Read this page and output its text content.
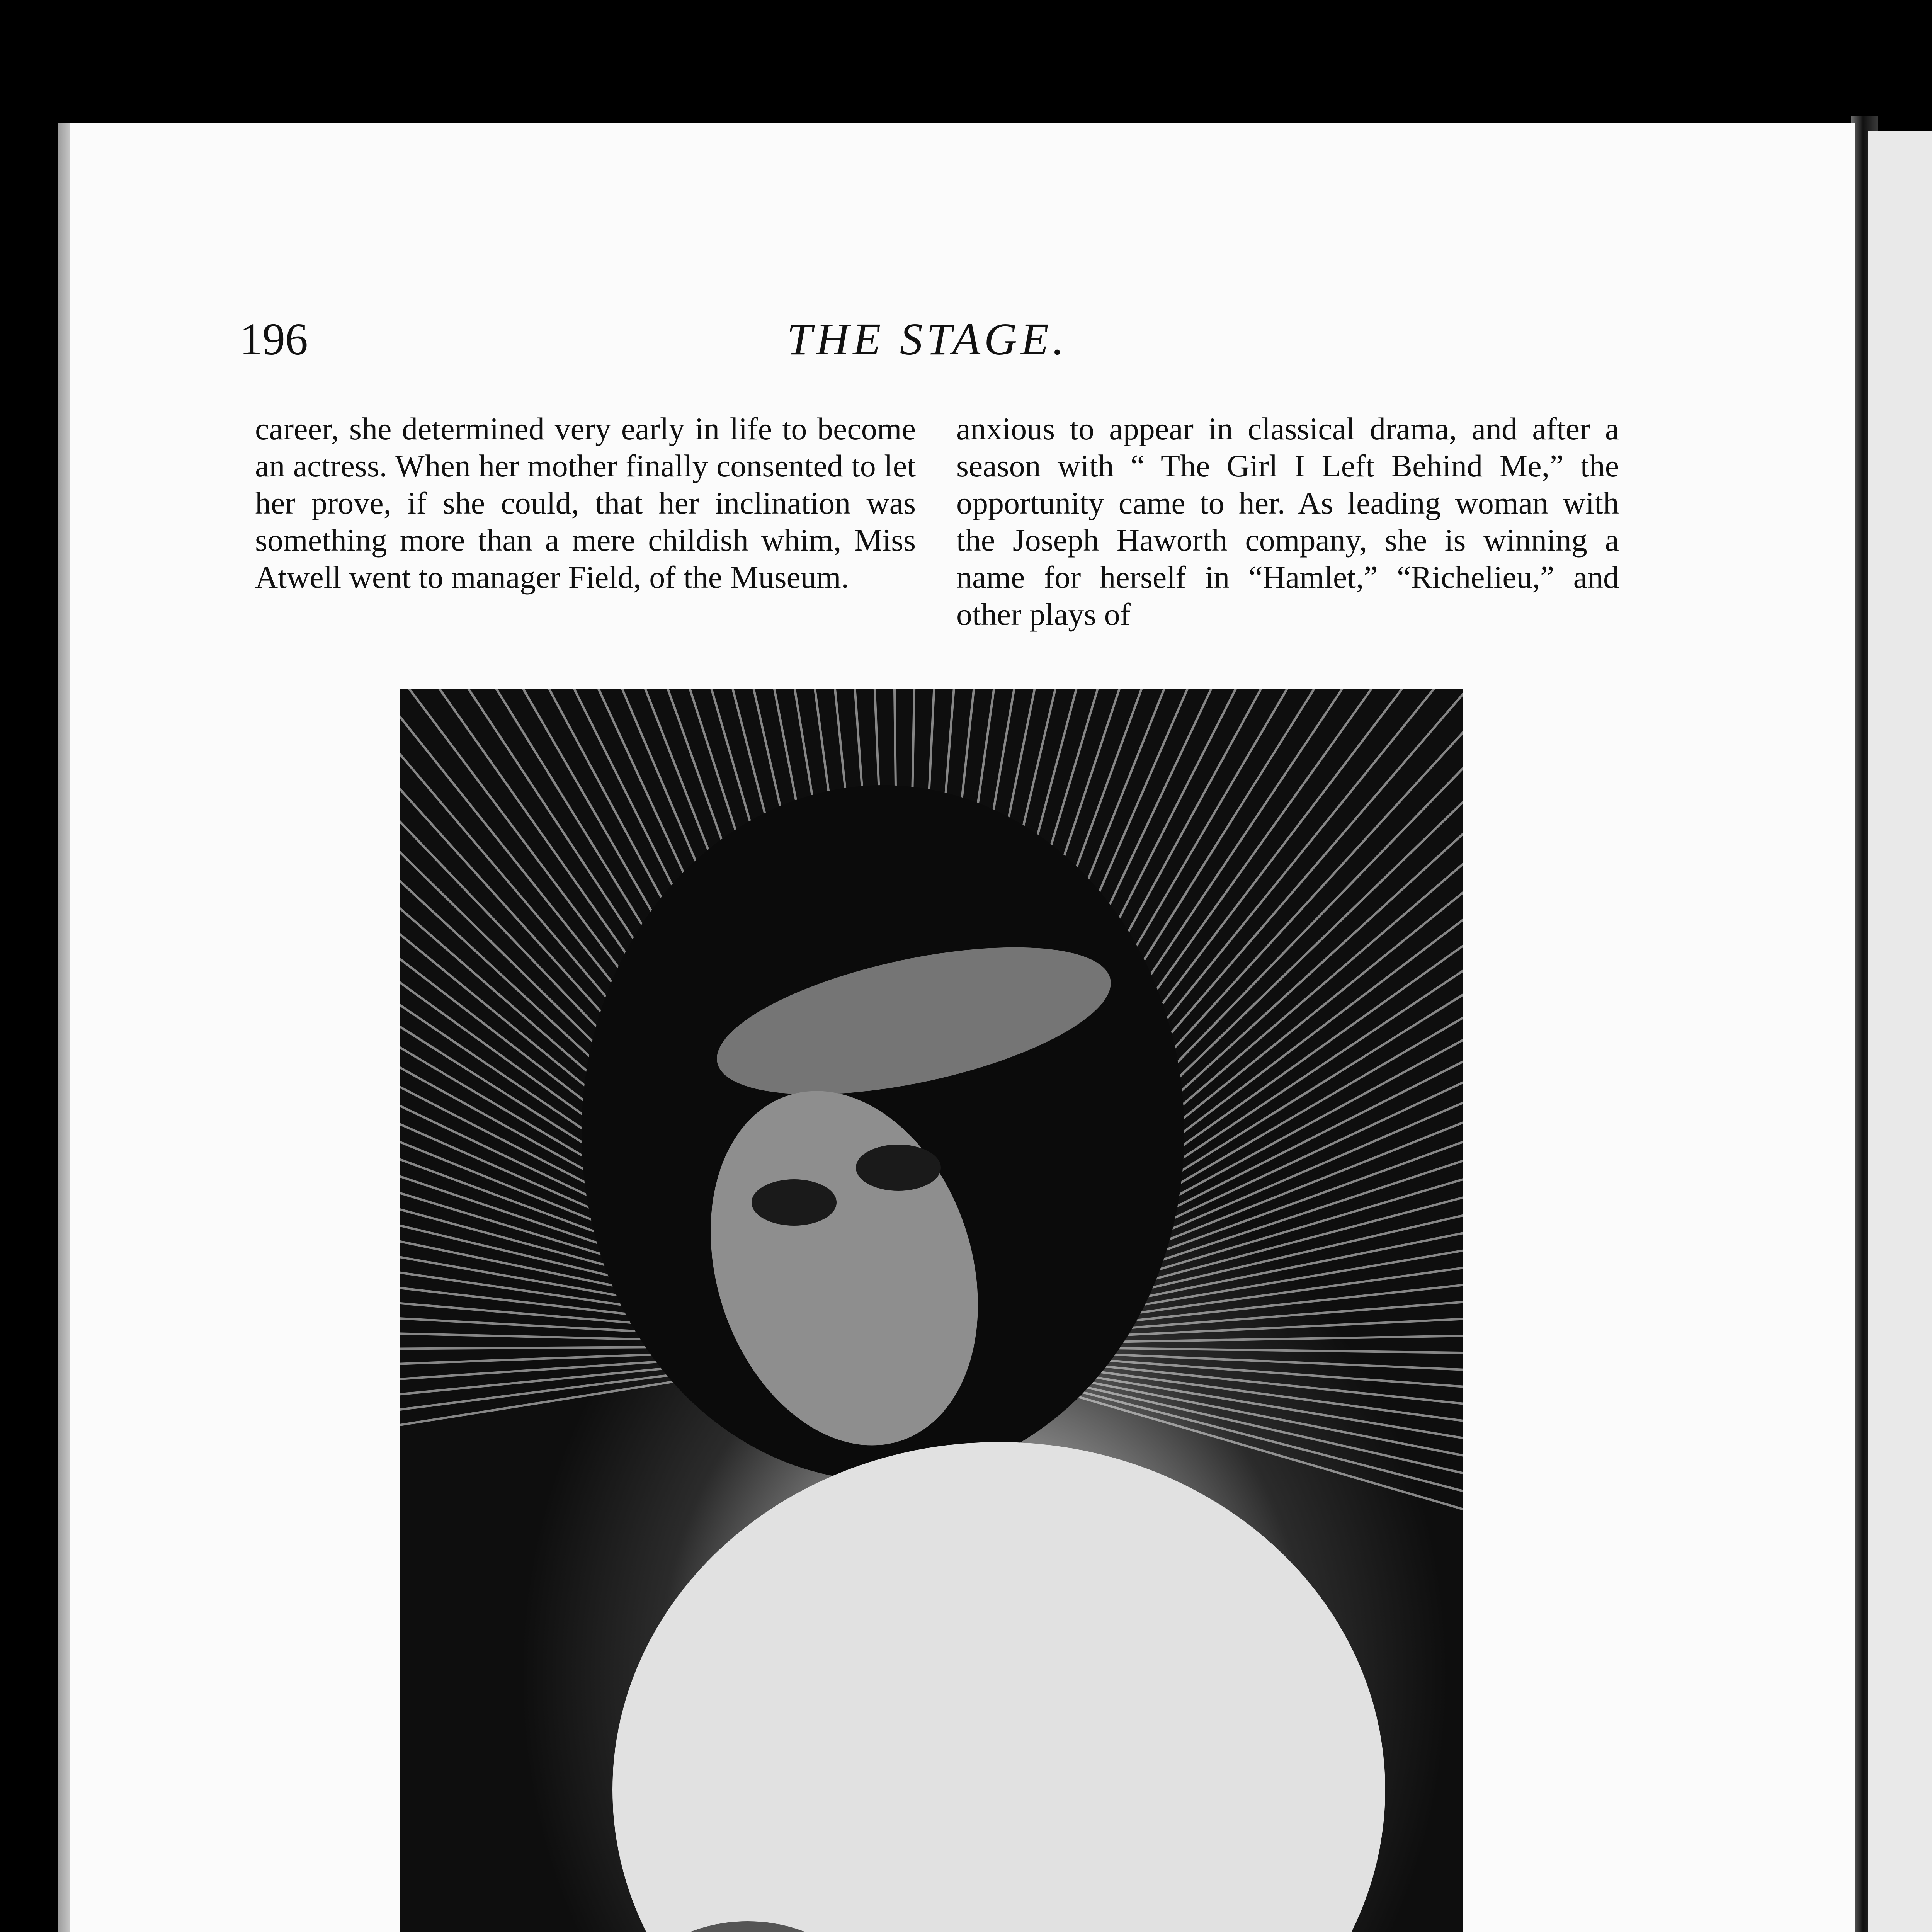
196	THE STAGE.

career, she determined very early in life to become an actress. When her mother finally consented to let her prove, if she could, that her inclination was something more than a mere childish whim, Miss Atwell went to manager Field, of the Museum.

anxious to appear in classical drama, and after a season with “ The Girl I Left Behind Me,” the opportunity came to her. As leading woman with the Joseph Haworth company, she is winning a name for herself in “Hamlet,” “Richelieu,” and other plays of
